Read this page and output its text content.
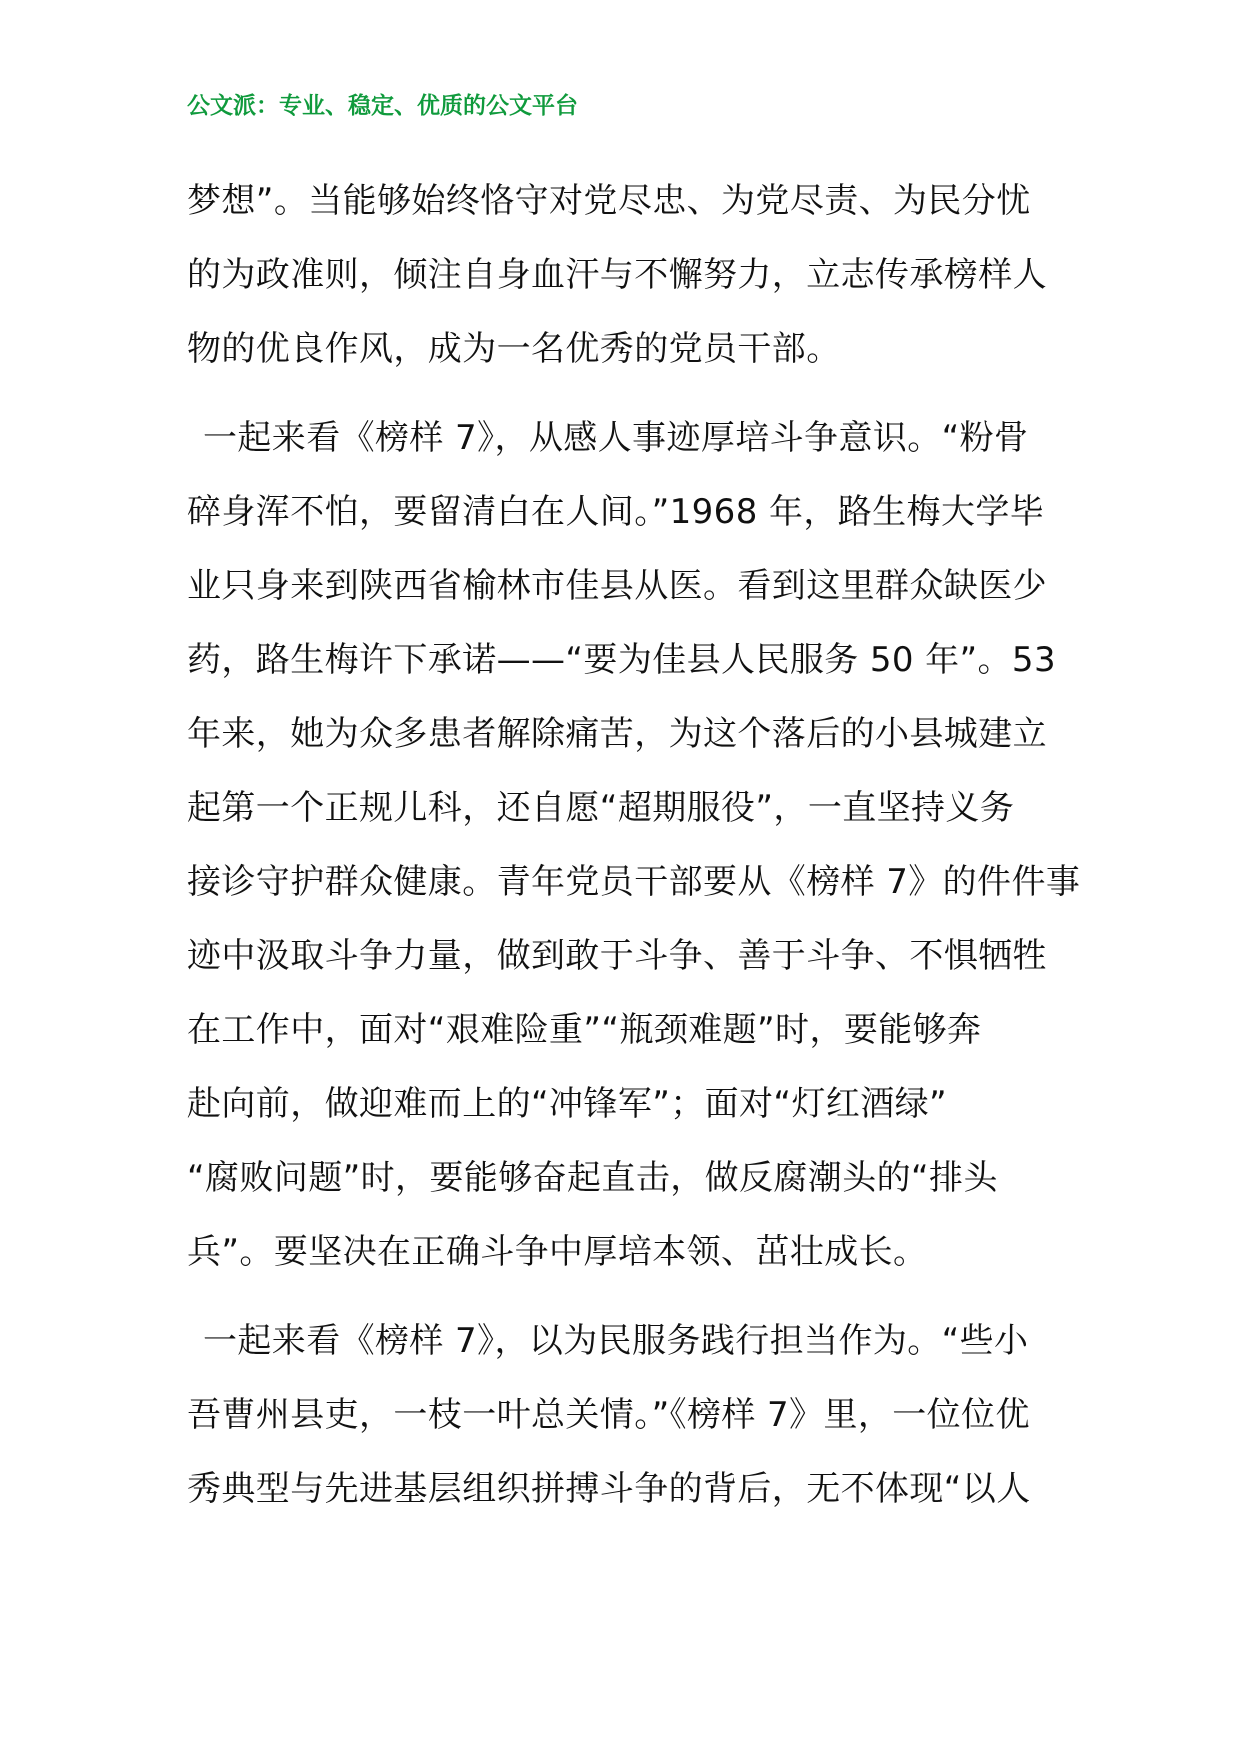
公文派：专业、稳定、优质的公文平台

梦想”。当能够始终恪守对党尽忠、为党尽责、为民分忧
的为政准则，倾注自身血汗与不懈努力，立志传承榜样人
物的优良作风，成为一名优秀的党员干部。

一起来看《榜样 7》，从感人事迹厚培斗争意识。“粉骨
碎身浑不怕，要留清白在人间。”1968 年，路生梅大学毕
业只身来到陕西省榆林市佳县从医。看到这里群众缺医少
药，路生梅许下承诺——“要为佳县人民服务 50 年”。53
年来，她为众多患者解除痛苦，为这个落后的小县城建立
起第一个正规儿科，还自愿“超期服役”，一直坚持义务
接诊守护群众健康。青年党员干部要从《榜样 7》的件件事
迹中汲取斗争力量，做到敢于斗争、善于斗争、不惧牺牲
在工作中，面对“艰难险重”“瓶颈难题”时，要能够奔
赴向前，做迎难而上的“冲锋军”；面对“灯红酒绿”
“腐败问题”时，要能够奋起直击，做反腐潮头的“排头
兵”。要坚决在正确斗争中厚培本领、茁壮成长。

一起来看《榜样 7》，以为民服务践行担当作为。“些小
吾曹州县吏，一枝一叶总关情。”《榜样 7》里，一位位优
秀典型与先进基层组织拼搏斗争的背后，无不体现“以人
